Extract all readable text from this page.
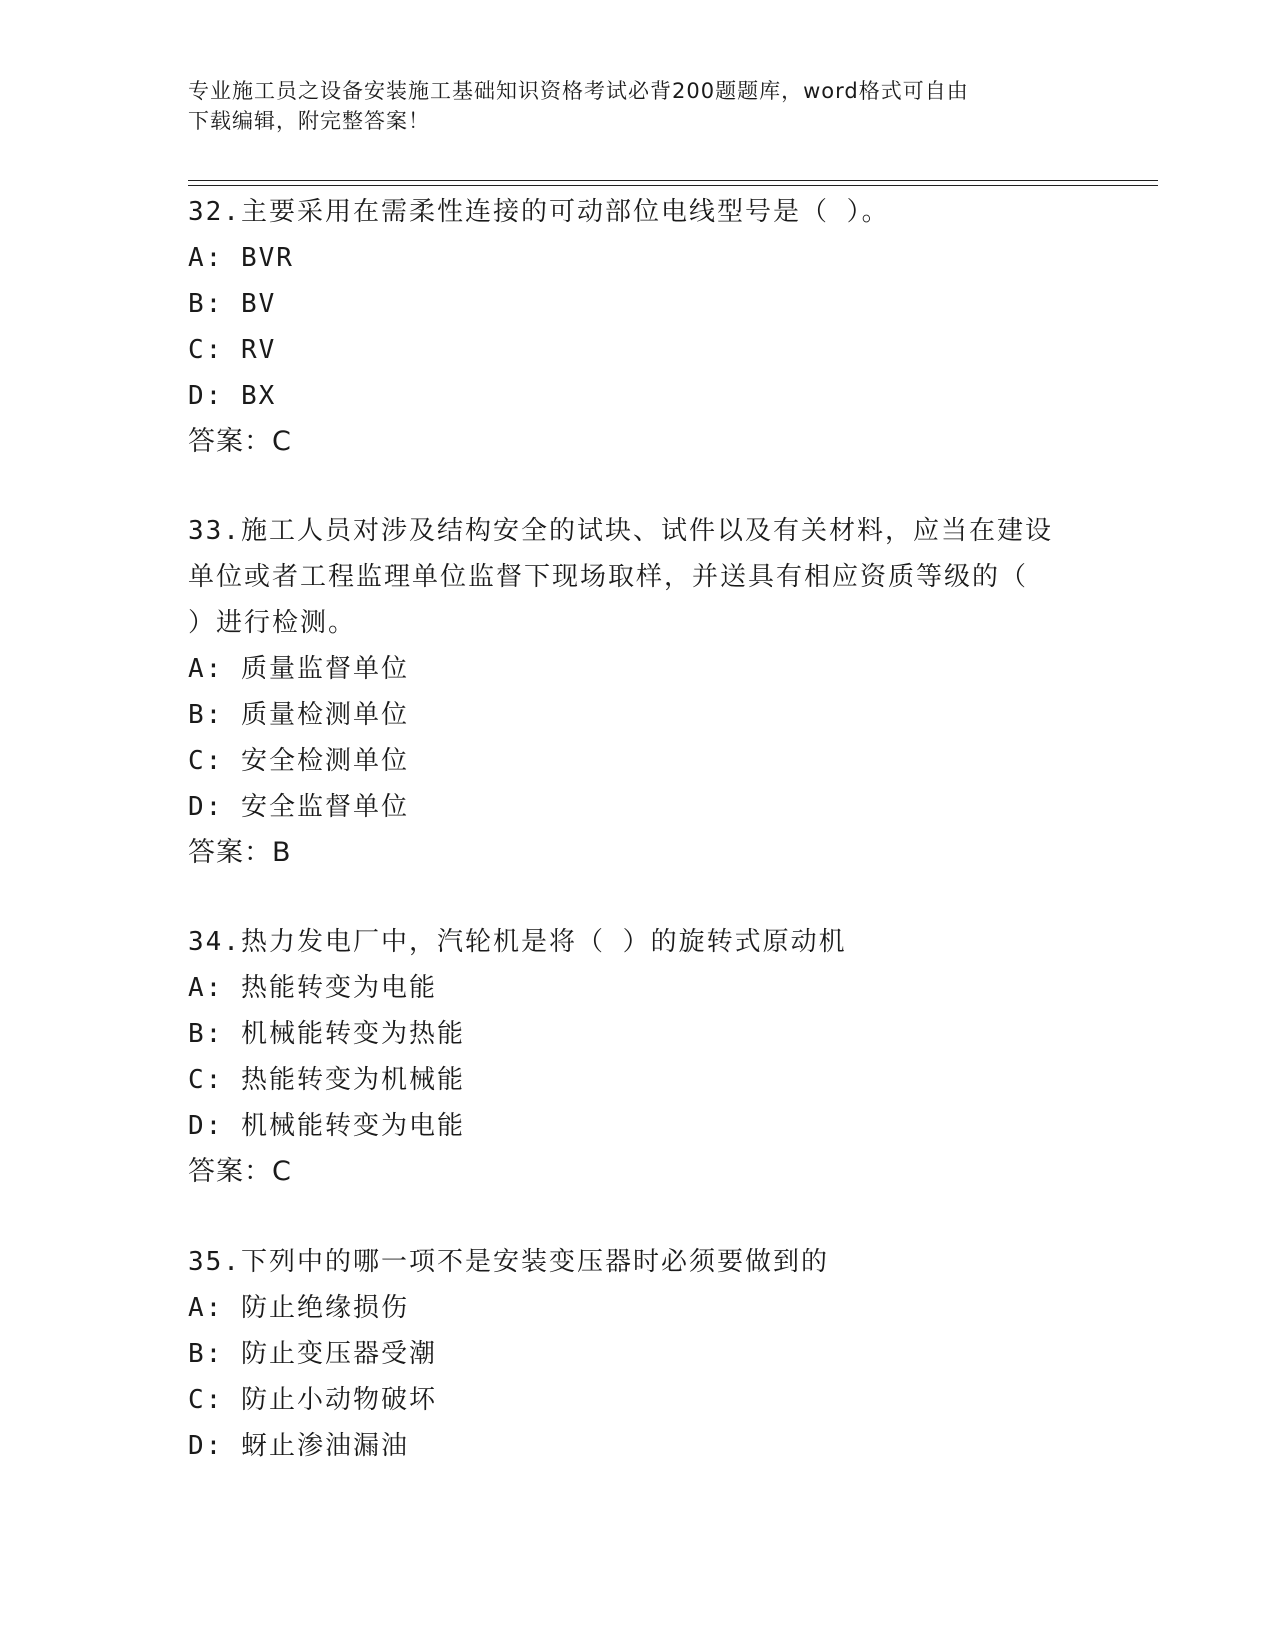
专业施工员之设备安装施工基础知识资格考试必背200题题库，word格式可自由
下载编辑，附完整答案！

32.主要采用在需柔性连接的可动部位电线型号是（ ）。

A: BVR

B: BV

C: RV

D: BX

答案：C

33.施工人员对涉及结构安全的试块、试件以及有关材料，应当在建设

单位或者工程监理单位监督下现场取样，并送具有相应资质等级的（

）进行检测。

A: 质量监督单位

B: 质量检测单位

C: 安全检测单位

D: 安全监督单位

答案：B

34.热力发电厂中，汽轮机是将（ ）的旋转式原动机

A: 热能转变为电能

B: 机械能转变为热能

C: 热能转变为机械能

D: 机械能转变为电能

答案：C

35.下列中的哪一项不是安装变压器时必须要做到的

A: 防止绝缘损伤

B: 防止变压器受潮

C: 防止小动物破坏

D: 蚜止渗油漏油
